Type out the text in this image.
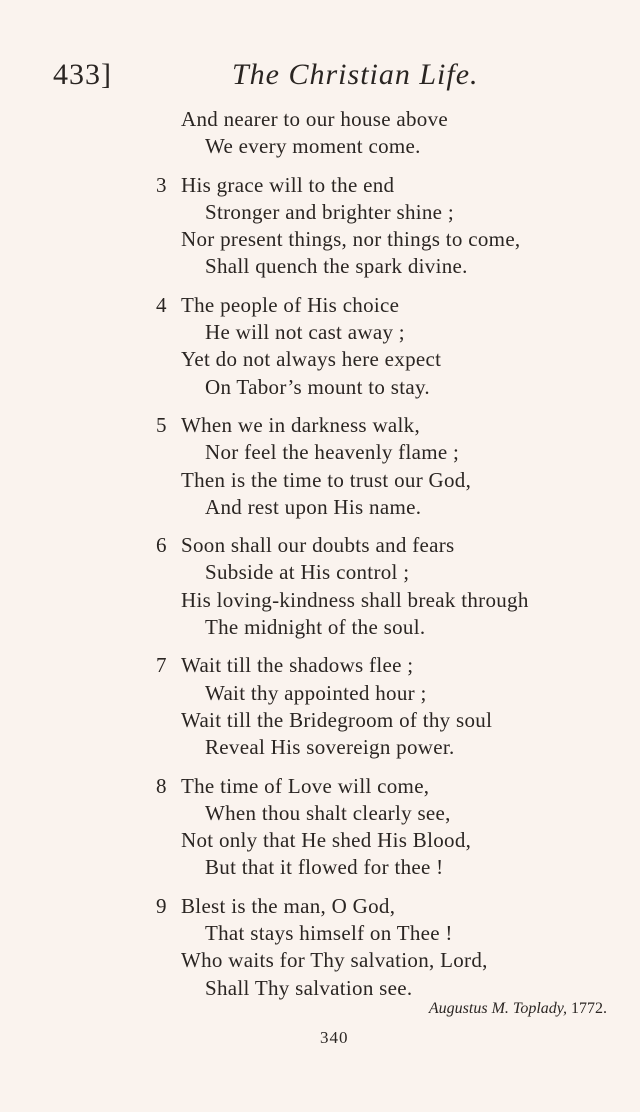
433]	The Christian Life.
And nearer to our house above
We every moment come.
3 His grace will to the end
Stronger and brighter shine ;
Nor present things, nor things to come,
Shall quench the spark divine.
4 The people of His choice
He will not cast away ;
Yet do not always here expect
On Tabor’s mount to stay.
5 When we in darkness walk,
Nor feel the heavenly flame ;
Then is the time to trust our God,
And rest upon His name.
6 Soon shall our doubts and fears
Subside at His control ;
His loving-kindness shall break through
The midnight of the soul.
7 Wait till the shadows flee ;
Wait thy appointed hour ;
Wait till the Bridegroom of thy soul
Reveal His sovereign power.
8 The time of Love will come,
When thou shalt clearly see,
Not only that He shed His Blood,
But that it flowed for thee !
9 Blest is the man, O God,
That stays himself on Thee !
Who waits for Thy salvation, Lord,
Shall Thy salvation see.
Augustus M. Toplady, 1772.
340
